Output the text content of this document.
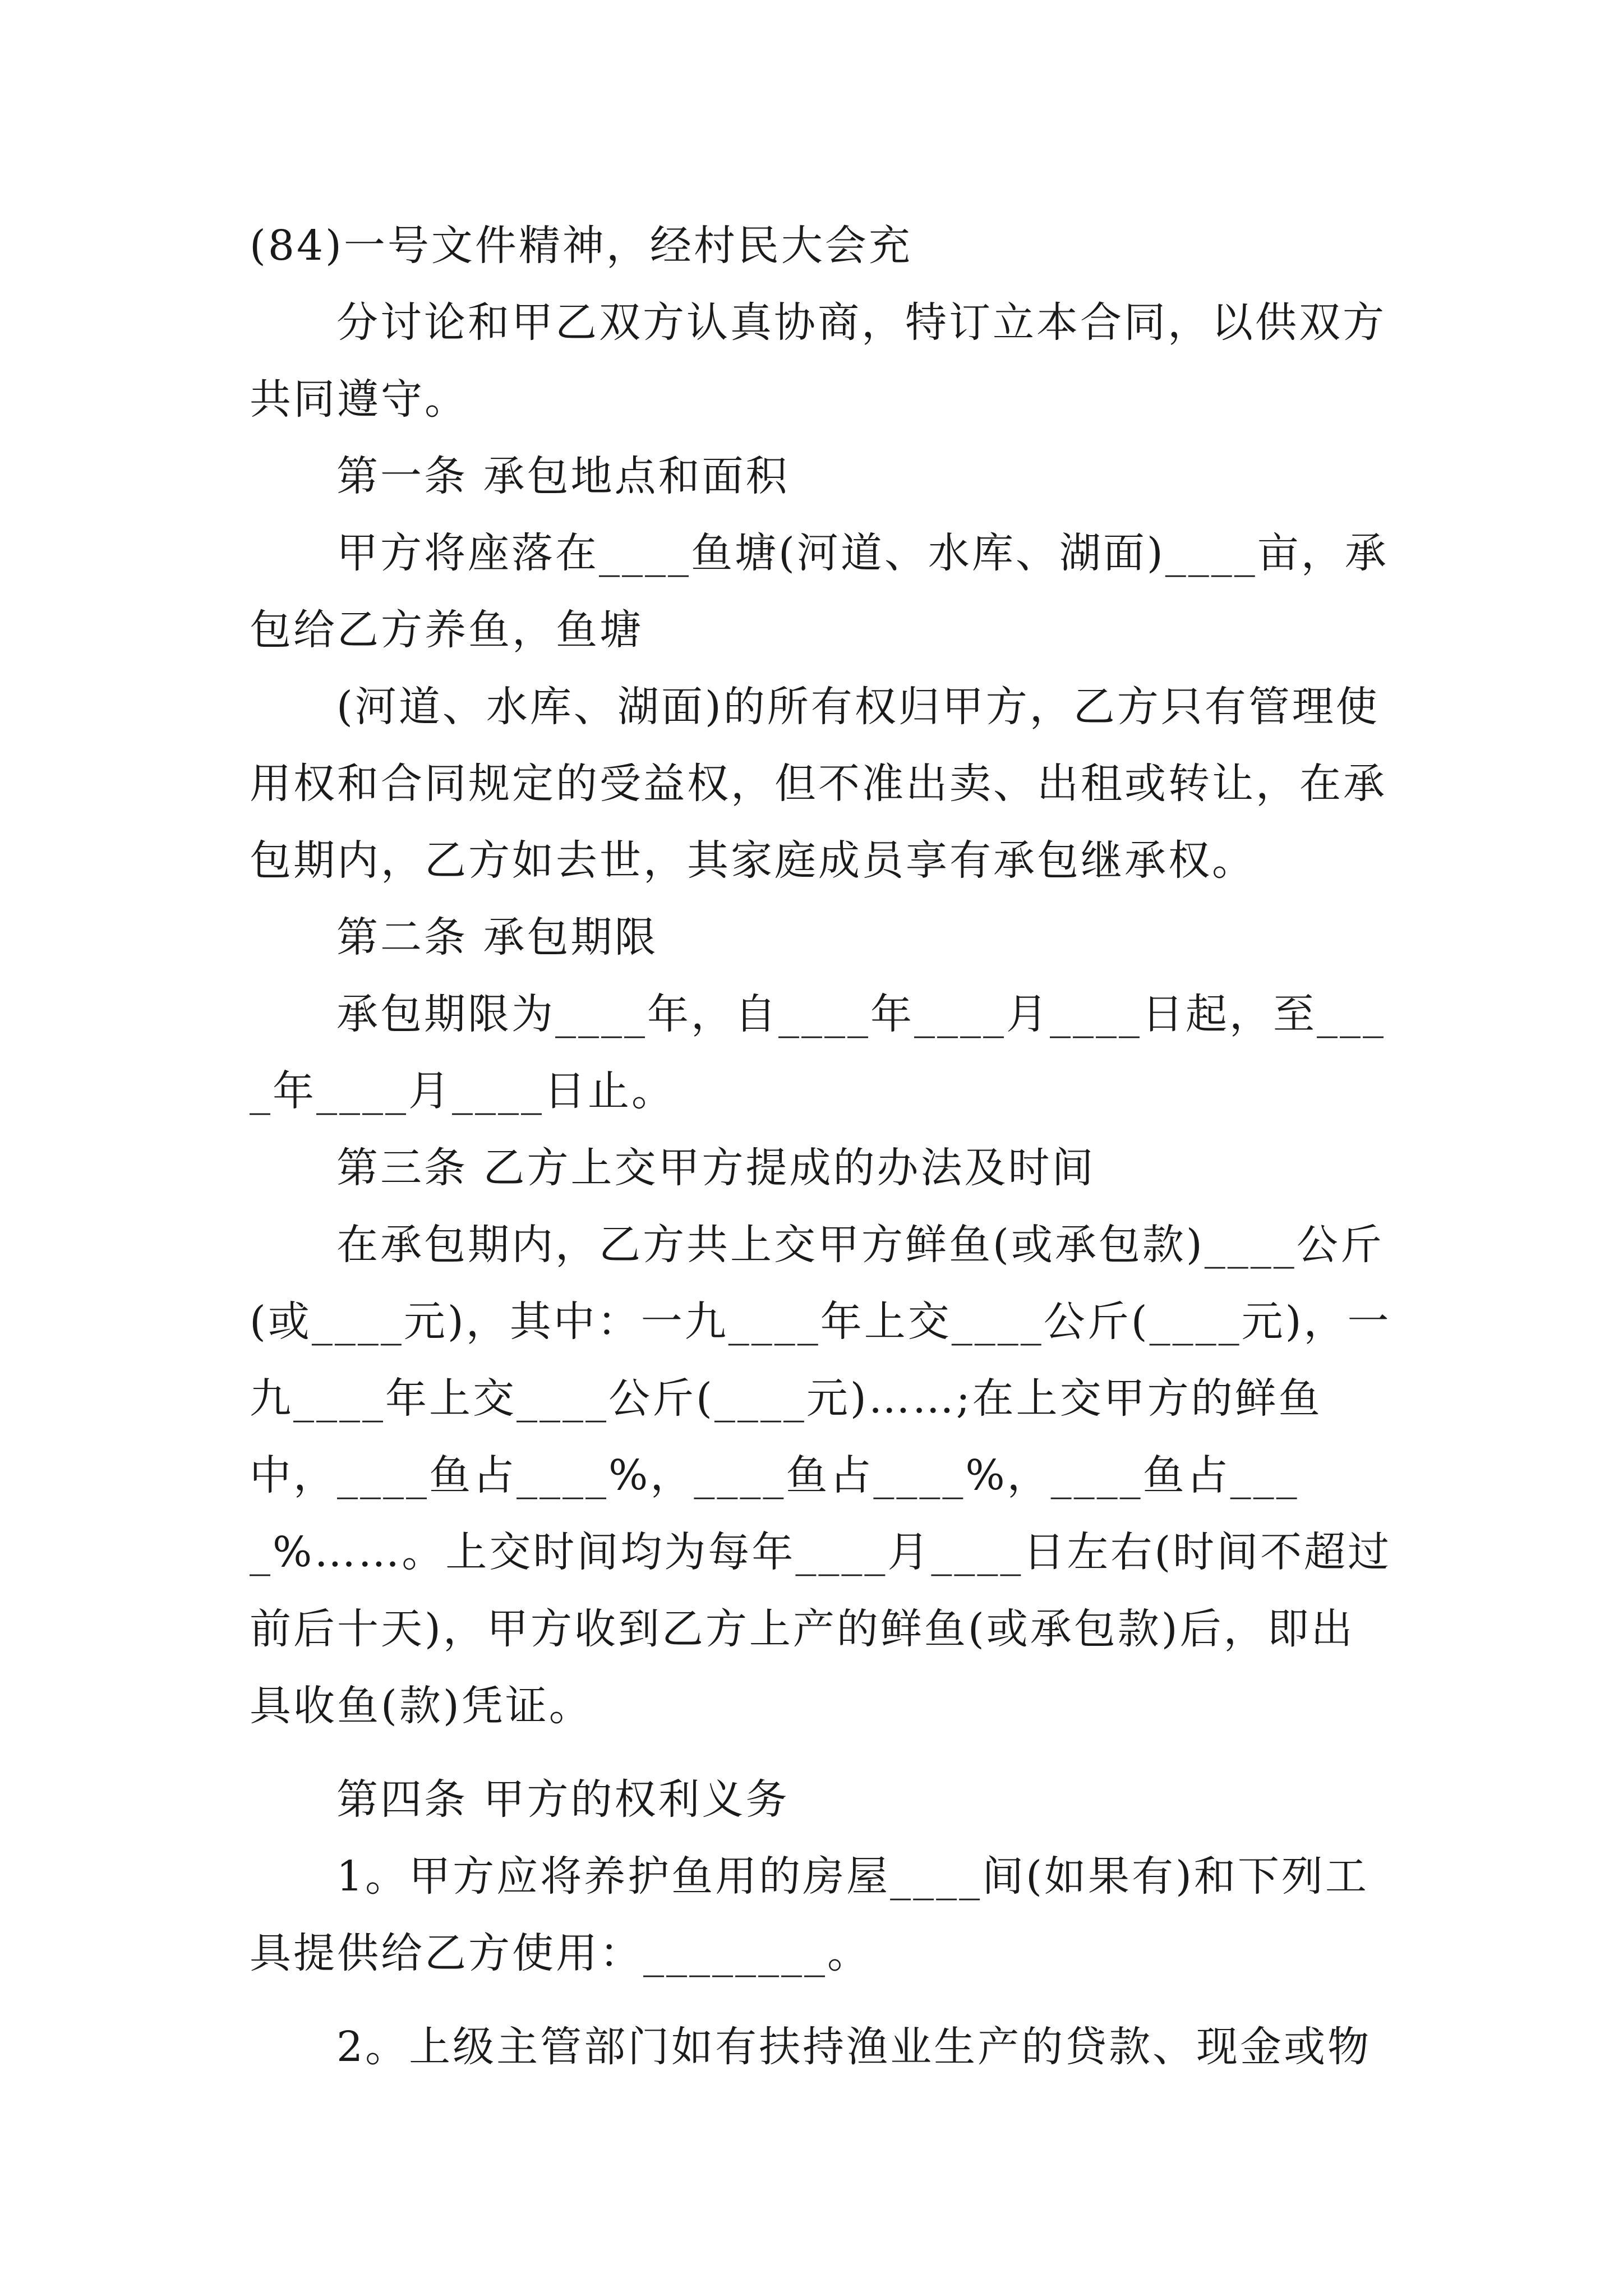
(84)一号文件精神，经村民大会充

分讨论和甲乙双方认真协商，特订立本合同，以供双方共同遵守。

第一条 承包地点和面积

甲方将座落在____鱼塘(河道、水库、湖面)____亩，承包给乙方养鱼，鱼塘

(河道、水库、湖面)的所有权归甲方，乙方只有管理使用权和合同规定的受益权，但不准出卖、出租或转让，在承包期内，乙方如去世，其家庭成员享有承包继承权。

第二条 承包期限

承包期限为____年，自____年____月____日起，至____年____月____日止。

第三条 乙方上交甲方提成的办法及时间

在承包期内，乙方共上交甲方鲜鱼(或承包款)____公斤(或____元)，其中：一九____年上交____公斤(____元)，一九____年上交____公斤(____元)……;在上交甲方的鲜鱼中，____鱼占____%，____鱼占____%，____鱼占____%……。上交时间均为每年____月____日左右(时间不超过前后十天)，甲方收到乙方上产的鲜鱼(或承包款)后，即出具收鱼(款)凭证。

第四条 甲方的权利义务

1。甲方应将养护鱼用的房屋____间(如果有)和下列工具提供给乙方使用：________。

2。上级主管部门如有扶持渔业生产的贷款、现金或物
